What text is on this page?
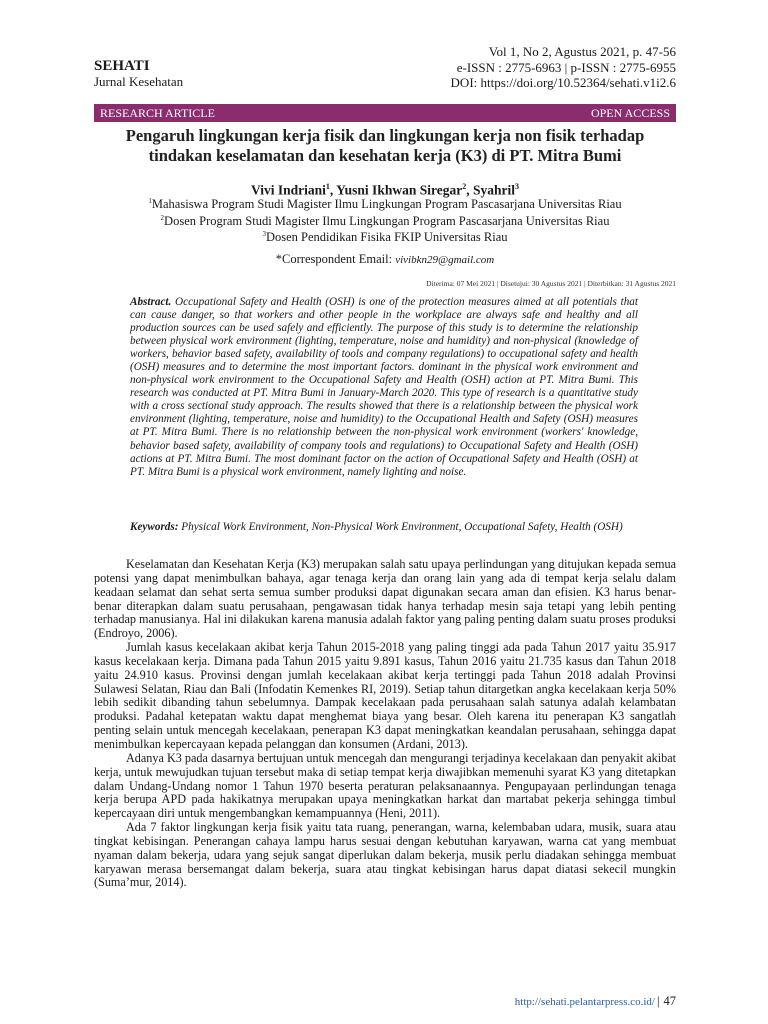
SEHATI
Jurnal Kesehatan
Vol 1, No 2, Agustus 2021, p. 47-56
e-ISSN : 2775-6963 | p-ISSN : 2775-6955
DOI: https://doi.org/10.52364/sehati.v1i2.6
RESEARCH ARTICLE	OPEN ACCESS
Pengaruh lingkungan kerja fisik dan lingkungan kerja non fisik terhadap
tindakan keselamatan dan kesehatan kerja (K3) di PT. Mitra Bumi
Vivi Indriani$^1$, Yusni Ikhwan Siregar$^2$, Syahril$^3$
$^1$Mahasiswa Program Studi Magister Ilmu Lingkungan Program Pascasarjana Universitas Riau
$^2$Dosen Program Studi Magister Ilmu Lingkungan Program Pascasarjana Universitas Riau
$^3$Dosen Pendidikan Fisika FKIP Universitas Riau
*Correspondent Email: vivibkn29@gmail.com
Diterima: 07 Mei 2021 | Disetujui: 30 Agustus 2021 | Diterbitkan: 31 Agustus 2021
Abstract. Occupational Safety and Health (OSH) is one of the protection measures aimed at all potentials that can cause danger, so that workers and other people in the workplace are always safe and healthy and all production sources can be used safely and efficiently. The purpose of this study is to determine the relationship between physical work environment (lighting, temperature, noise and humidity) and non-physical (knowledge of workers, behavior based safety, availability of tools and company regulations) to occupational safety and health (OSH) measures and to determine the most important factors. dominant in the physical work environment and non-physical work environment to the Occupational Safety and Health (OSH) action at PT. Mitra Bumi. This research was conducted at PT. Mitra Bumi in January-March 2020. This type of research is a quantitative study with a cross sectional study approach. The results showed that there is a relationship between the physical work environment (lighting, temperature, noise and humidity) to the Occupational Health and Safety (OSH) measures at PT. Mitra Bumi. There is no relationship between the non-physical work environment (workers' knowledge, behavior based safety, availability of company tools and regulations) to Occupational Safety and Health (OSH) actions at PT. Mitra Bumi. The most dominant factor on the action of Occupational Safety and Health (OSH) at PT. Mitra Bumi is a physical work environment, namely lighting and noise.
Keywords: Physical Work Environment, Non-Physical Work Environment, Occupational Safety, Health (OSH)

Keselamatan dan Kesehatan Kerja (K3) merupakan salah satu upaya perlindungan yang ditujukan kepada semua potensi yang dapat menimbulkan bahaya, agar tenaga kerja dan orang lain yang ada di tempat kerja selalu dalam keadaan selamat dan sehat serta semua sumber produksi dapat digunakan secara aman dan efisien. K3 harus benar-benar diterapkan dalam suatu perusahaan, pengawasan tidak hanya terhadap mesin saja tetapi yang lebih penting terhadap manusianya. Hal ini dilakukan karena manusia adalah faktor yang paling penting dalam suatu proses produksi (Endroyo, 2006).

Jumlah kasus kecelakaan akibat kerja Tahun 2015-2018 yang paling tinggi ada pada Tahun 2017 yaitu 35.917 kasus kecelakaan kerja. Dimana pada Tahun 2015 yaitu 9.891 kasus, Tahun 2016 yaitu 21.735 kasus dan Tahun 2018 yaitu 24.910 kasus. Provinsi dengan jumlah kecelakaan akibat kerja tertinggi pada Tahun 2018 adalah Provinsi Sulawesi Selatan, Riau dan Bali (Infodatin Kemenkes RI, 2019). Setiap tahun ditargetkan angka kecelakaan kerja 50% lebih sedikit dibanding tahun sebelumnya. Dampak kecelakaan pada perusahaan salah satunya adalah kelambatan produksi. Padahal ketepatan waktu dapat menghemat biaya yang besar. Oleh karena itu penerapan K3 sangatlah penting selain untuk mencegah kecelakaan, penerapan K3 dapat meningkatkan keandalan perusahaan, sehingga dapat menimbulkan kepercayaan kepada pelanggan dan konsumen (Ardani, 2013).

Adanya K3 pada dasarnya bertujuan untuk mencegah dan mengurangi terjadinya kecelakaan dan penyakit akibat kerja, untuk mewujudkan tujuan tersebut maka di setiap tempat kerja diwajibkan memenuhi syarat K3 yang ditetapkan dalam Undang-Undang nomor 1 Tahun 1970 beserta peraturan pelaksanaannya. Pengupayaan perlindungan tenaga kerja berupa APD pada hakikatnya merupakan upaya meningkatkan harkat dan martabat pekerja sehingga timbul kepercayaan diri untuk mengembangkan kemampuannya (Heni, 2011).

Ada 7 faktor lingkungan kerja fisik yaitu tata ruang, penerangan, warna, kelembaban udara, musik, suara atau tingkat kebisingan. Penerangan cahaya lampu harus sesuai dengan kebutuhan karyawan, warna cat yang membuat nyaman dalam bekerja, udara yang sejuk sangat diperlukan dalam bekerja, musik perlu diadakan sehingga membuat karyawan merasa bersemangat dalam bekerja, suara atau tingkat kebisingan harus dapat diatasi sekecil mungkin (Suma’mur, 2014).

http://sehati.pelantarpress.co.id/ | 47
